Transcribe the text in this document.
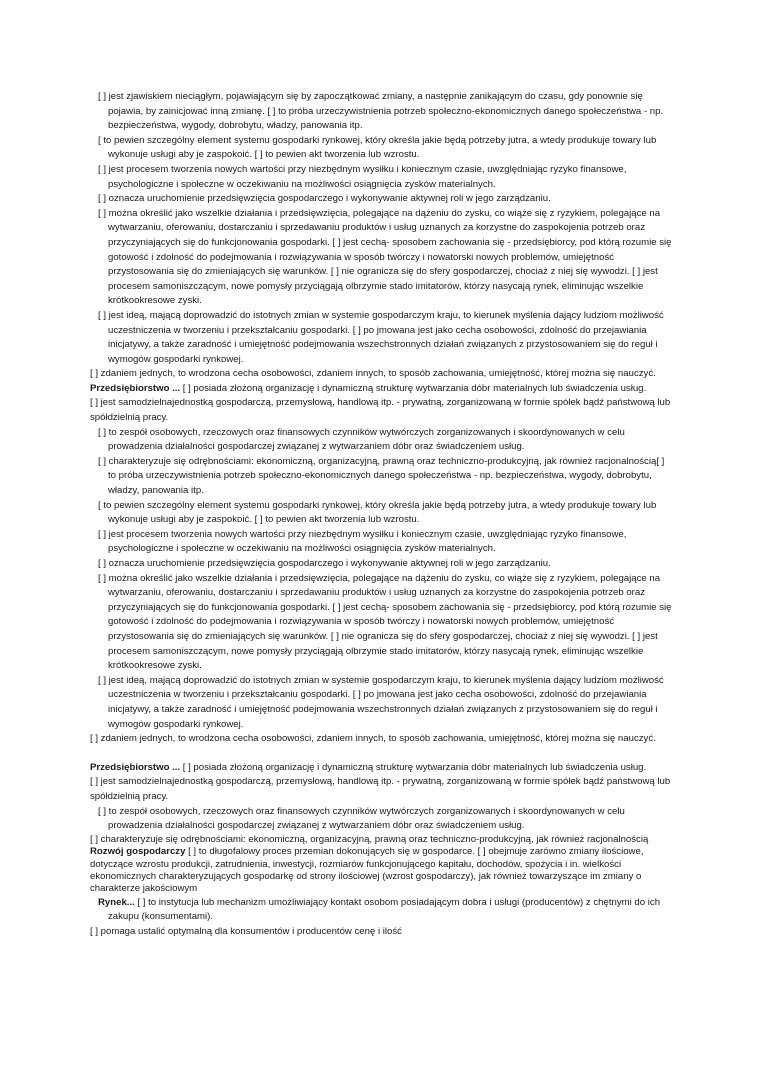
[ ] jest zjawiskiem nieciągłym, pojawiającym się by zapoczątkować zmiany, a następnie zanikającym do czasu, gdy ponownie się pojawia, by zainicjować inną zmianę. [ ] to próba urzeczywistnienia potrzeb społeczno-ekonomicznych danego społeczeństwa - np. bezpieczeństwa, wygody, dobrobytu, władzy, panowania itp.

[ to pewien szczególny element systemu gospodarki rynkowej, który określa jakie będą potrzeby jutra, a wtedy produkuje towary lub wykonuje usługi aby je zaspokoić. [ ] to pewien akt tworzenia lub wzrostu.

[ ] jest procesem tworzenia nowych wartości przy niezbędnym wysiłku i koniecznym czasie, uwzględniając ryzyko finansowe, psychologiczne i społeczne w oczekiwaniu na możliwości osiągnięcia zysków materialnych.

[ ] oznacza uruchomienie przedsięwzięcia gospodarczego i wykonywanie aktywnej roli w jego zarządzaniu.

[ ] można określić jako wszelkie działania i przedsięwzięcia, polegające na dążeniu do zysku, co wiąże się z ryzykiem, polegające na wytwarzaniu, oferowaniu, dostarczaniu i sprzedawaniu produktów i usług uznanych za korzystne do zaspokojenia potrzeb oraz przyczyniających się do funkcjonowania gospodarki. [ ] jest cechą- sposobem zachowania się - przedsiębiorcy, pod którą rozumie się gotowość i zdolność do podejmowania i rozwiązywania w sposób twórczy i nowatorski nowych problemów, umiejętność przystosowania się do zmieniających się warunków. [ ] nie ogranicza się do sfery gospodarczej, chociaż z niej się wywodzi. [ ] jest procesem samoniszczącym, nowe pomysły przyciągają olbrzymie stado imitatorów, którzy nasycają rynek, eliminując wszelkie krótkookresowe zyski.

[ ] jest ideą, mającą doprowadzić do istotnych zmian w systemie gospodarczym kraju, to kierunek myślenia dający ludziom możliwość uczestniczenia w tworzeniu i przekształcaniu gospodarki. [ ] po jmowana jest jako cecha osobowości, zdolność do przejawiania inicjatywy, a także zaradność i umiejętność podejmowania wszechstronnych działań związanych z przystosowaniem się do reguł i wymogów gospodarki rynkowej.

[ ] zdaniem jednych, to wrodzona cecha osobowości, zdaniem innych, to sposób zachowania, umiejętność, której można się nauczyć.

Przedsiębiorstwo ... [ ] posiada złożoną organizację i dynamiczną strukturę wytwarzania dóbr materialnych lub świadczenia usług.

[ ] jest samodzielnajednostką gospodarczą, przemysłową, handlową itp. - prywatną, zorganizowaną w formie spółek bądź państwową lub spółdzielnią pracy.

[ ] to zespół osobowych, rzeczowych oraz finansowych czynników wytwórczych zorganizowanych i skoordynowanych w celu prowadzenia działalności gospodarczej związanej z wytwarzaniem dóbr oraz świadczeniem usług.

[ ] charakteryzuje się odrębnościami: ekonomiczną, organizacyjną, prawną oraz techniczno-produkcyjną, jak również racjonalnością[ ] to próba urzeczywistnienia potrzeb społeczno-ekonomicznych danego społeczeństwa - np. bezpieczeństwa, wygody, dobrobytu, władzy, panowania itp.

[ to pewien szczególny element systemu gospodarki rynkowej, który określa jakie będą potrzeby jutra, a wtedy produkuje towary lub wykonuje usługi aby je zaspokoić. [ ] to pewien akt tworzenia lub wzrostu.

[ ] jest procesem tworzenia nowych wartości przy niezbędnym wysiłku i koniecznym czasie, uwzględniając ryzyko finansowe, psychologiczne i społeczne w oczekiwaniu na możliwości osiągnięcia zysków materialnych.

[ ] oznacza uruchomienie przedsięwzięcia gospodarczego i wykonywanie aktywnej roli w jego zarządzaniu.

[ ] można określić jako wszelkie działania i przedsięwzięcia, polegające na dążeniu do zysku, co wiąże się z ryzykiem, polegające na wytwarzaniu, oferowaniu, dostarczaniu i sprzedawaniu produktów i usług uznanych za korzystne do zaspokojenia potrzeb oraz przyczyniających się do funkcjonowania gospodarki. [ ] jest cechą- sposobem zachowania się - przedsiębiorcy, pod którą rozumie się gotowość i zdolność do podejmowania i rozwiązywania w sposób twórczy i nowatorski nowych problemów, umiejętność przystosowania się do zmieniających się warunków. [ ] nie ogranicza się do sfery gospodarczej, chociaż z niej się wywodzi. [ ] jest procesem samoniszczącym, nowe pomysły przyciągają olbrzymie stado imitatorów, którzy nasycają rynek, eliminując wszelkie krótkookresowe zyski.

[ ] jest ideą, mającą doprowadzić do istotnych zmian w systemie gospodarczym kraju, to kierunek myślenia dający ludziom możliwość uczestniczenia w tworzeniu i przekształcaniu gospodarki. [ ] po jmowana jest jako cecha osobowości, zdolność do przejawiania inicjatywy, a także zaradność i umiejętność podejmowania wszechstronnych działań związanych z przystosowaniem się do reguł i wymogów gospodarki rynkowej.

[ ] zdaniem jednych, to wrodzona cecha osobowości, zdaniem innych, to sposób zachowania, umiejętność, której można się nauczyć.

Przedsiębiorstwo ... [ ] posiada złożoną organizację i dynamiczną strukturę wytwarzania dóbr materialnych lub świadczenia usług.

[ ] jest samodzielnajednostką gospodarczą, przemysłową, handlową itp. - prywatną, zorganizowaną w formie spółek bądź państwową lub spółdzielnią pracy.

[ ] to zespół osobowych, rzeczowych oraz finansowych czynników wytwórczych zorganizowanych i skoordynowanych w celu prowadzenia działalności gospodarczej związanej z wytwarzaniem dóbr oraz świadczeniem usług.

[ ] charakteryzuje się odrębnościami: ekonomiczną, organizacyjną, prawną oraz techniczno-produkcyjną, jak również racjonalnością

Rozwój gospodarczy [ ] to długofalowy proces przemian dokonujących się w gospodarce. [ ] obejmuje zarówno zmiany ilościowe, dotyczące wzrostu produkcji, zatrudnienia, inwestycji, rozmiarów funkcjonującego kapitału, dochodów, spożycia i in. wielkości ekonomicznych charakteryzujących gospodarkę od strony ilościowej (wzrost gospodarczy), jak również towarzyszące im zmiany o charakterze jakościowym

Rynek... [ ] to instytucja lub mechanizm umożliwiający kontakt osobom posiadającym dobra i usługi (producentów) z chętnymi do ich zakupu (konsumentami).

[ ] pomaga ustalić optymalną dla konsumentów i producentów cenę i ilość
